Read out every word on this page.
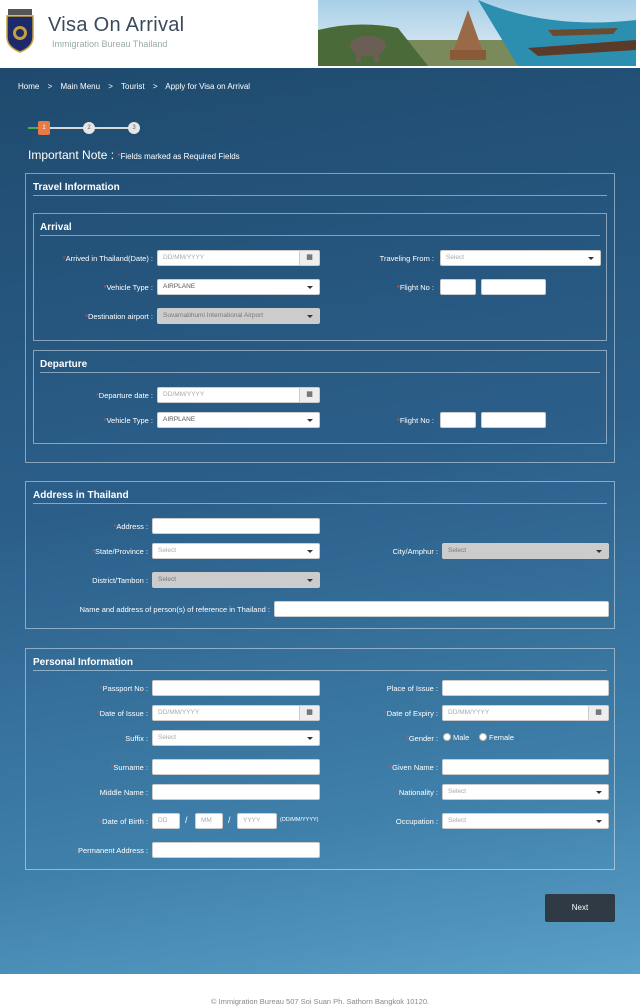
Visa On Arrival
Immigration Bureau Thailand
Home > Main Menu > Tourist > Apply for Visa on Arrival
1	2	3
Important Note : *Fields marked as Required Fields
Travel Information
Arrival
*Arrived in Thailand(Date) :	DD/MM/YYYY	▦	Traveling From :	Select
*Vehicle Type :	AIRPLANE	*Flight No :
*Destination airport :	Suvarnabhumi International Airport
Departure
*Departure date :	DD/MM/YYYY	▦
*Vehicle Type :	AIRPLANE	*Flight No :
Address in Thailand
*Address :
*State/Province :	Select	City/Amphur :	Select
District/Tambon :	Select
Name and address of person(s) of reference in Thailand :
Personal Information
*Passport No :	Place of Issue :
*Date of Issue :	DD/MM/YYYY	▦	*Date of Expiry :	DD/MM/YYYY	▦
Suffix :	Select	*Gender : Male	Female
*Surname :	*Given Name :
Middle Name :	*Nationality :	Select
*Date of Birth :	DD	/	MM	/	YYYY	(DD/MM/YYYY)	Occupation :	Select
Permanent Address :
Next
© Immigration Bureau 507 Soi Suan Ph. Sathorn Bangkok 10120.
